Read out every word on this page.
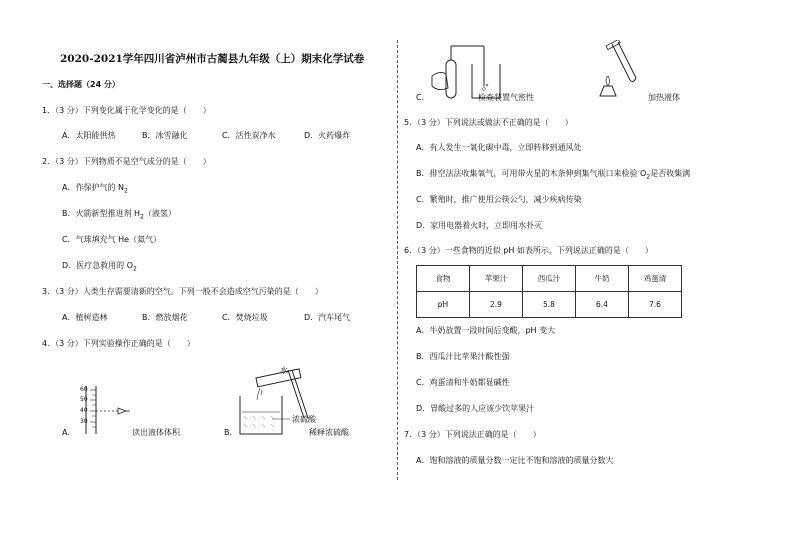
2020-2021学年四川省泸州市古蔺县九年级（上）期末化学试卷
一、选择题（24 分）
1．（3 分）下列变化属于化学变化的是（　　）
A．太阳能供热	B．冰雪融化	C．活性炭净水	D．火药爆炸
2．（3 分）下列物质不是空气成分的是（　　）
A．作保护气的 $N_2$
B．火箭新型推进剂 $H_2$（液氢）
C．气球填充气 He（氦气）
D．医疗急救用的 $O_2$
3．（3 分）人类生存需要清新的空气。下列一般不会造成空气污染的是（　　）
A．植树造林	B．燃放烟花	C．焚烧垃圾	D．汽车尾气
4．（3 分）下列实验操作正确的是（　　）
60
50
40
30
A．	读出液体体积
水
浓硫酸
B．	稀释浓硫酸
C．	检查装置气密性	加热液体
5．（3 分）下列说法或做法不正确的是（　　）
A．有人发生一氧化碳中毒，立即转移到通风处
B．排空法法收集氧气，可用带火星的木条伸到集气瓶口来检验 $O_2$是否收集满
C．繁殖时，推广使用公筷公勺，减少疾病传染
D．家用电器着火时，立即用水扑灭
6．（3 分）一些食物的近似 pH 如表所示，下列说法正确的是（　　）
食物	苹果汁	西瓜汁	牛奶	鸡蛋清
pH	2.9	5.8	6.4	7.6
A．牛奶放置一段时间后变酸，pH 变大
B．西瓜汁比苹果汁酸性强
C．鸡蛋清和牛奶都显碱性
D．胃酸过多的人应该少饮苹果汁
7．（3 分）下列说法正确的是（　　）
A．饱和溶液的质量分数一定比不饱和溶液的质量分数大
